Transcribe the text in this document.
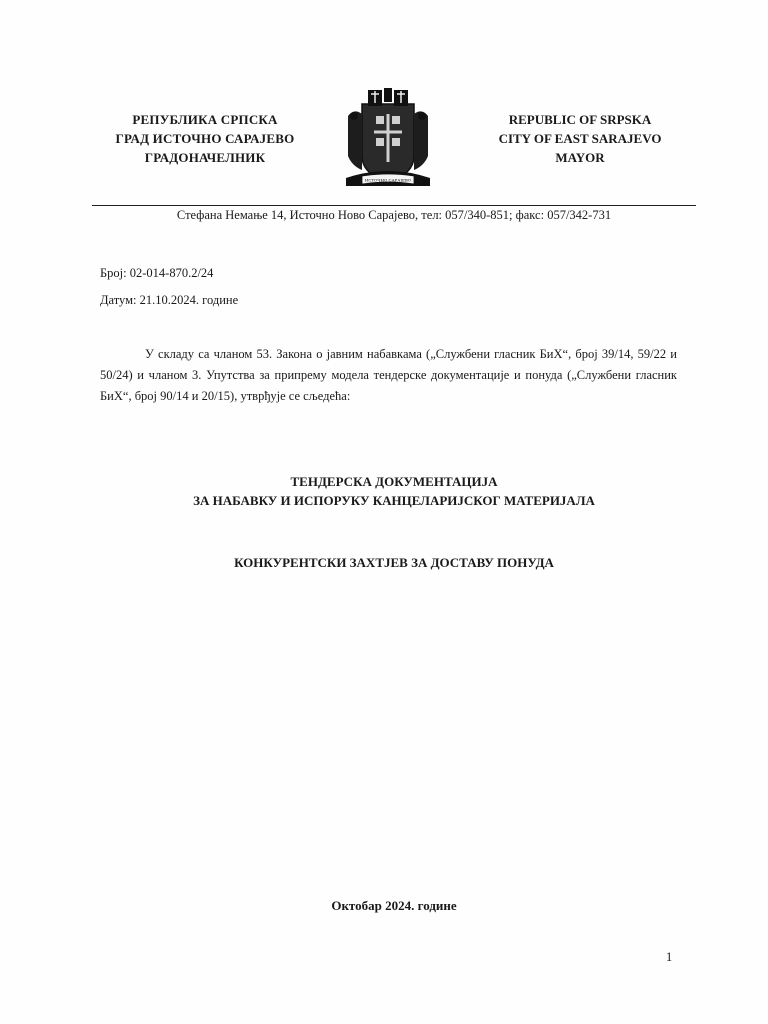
РЕПУБЛИКА СРПСКА
ГРАД ИСТОЧНО САРАЈЕВО
ГРАДОНАЧЕЛНИК
ИСТОЧНО САРАЈЕВО
REPUBLIC OF SRPSKA
CITY OF EAST SARAJEVO
MAYOR
Стефана Немање 14, Источно Ново Сарајево, тел: 057/340-851; факс: 057/342-731
Број: 02-014-870.2/24
Датум: 21.10.2024. године
У складу са чланом 53. Закона о јавним набавкама („Службени гласник БиХ“, број 39/14, 59/22 и 50/24) и чланом 3. Упутства за припрему модела тендерске документације и понуда („Службени гласник БиХ“, број 90/14 и 20/15), утврђује се сљедећа:
ТЕНДЕРСКА ДОКУМЕНТАЦИЈА
ЗА НАБАВКУ И ИСПОРУКУ КАНЦЕЛАРИЈСКОГ МАТЕРИЈАЛА
КОНКУРЕНТСКИ ЗАХТЈЕВ ЗА ДОСТАВУ ПОНУДА
Октобар 2024. године
1
